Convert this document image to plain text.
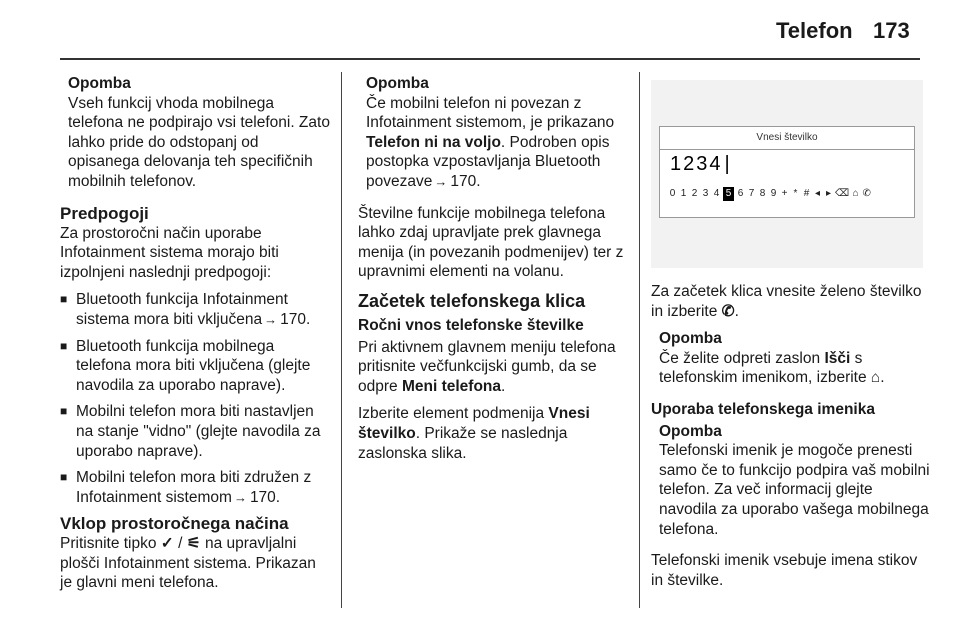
Telefon 173

Opomba

Vseh funkcij vhoda mobilnega telefona ne podpirajo vsi telefoni. Zato lahko pride do odstopanj od opisanega delovanja teh specifičnih mobilnih telefonov.

Predpogoji

Za prostoročni način uporabe Infotainment sistema morajo biti izpolnjeni naslednji predpogoji:

■ Bluetooth funkcija Infotainment sistema mora biti vključena → 170.
■ Bluetooth funkcija mobilnega telefona mora biti vključena (glejte navodila za uporabo naprave).
■ Mobilni telefon mora biti nastavljen na stanje "vidno" (glejte navodila za uporabo naprave).
■ Mobilni telefon mora biti združen z Infotainment sistemom → 170.
Vklop prostoročnega načina

Pritisnite tipko ✓ / ⚟ na upravljalni plošči Infotainment sistema. Prikazan je glavni meni telefona.

Opomba

Če mobilni telefon ni povezan z Infotainment sistemom, je prikazano Telefon ni na voljo. Podroben opis postopka vzpostavljanja Bluetooth povezave → 170.

Številne funkcije mobilnega telefona lahko zdaj upravljate prek glavnega menija (in povezanih podmenijev) ter z upravnimi elementi na volanu.

Začetek telefonskega klica
Ročni vnos telefonske številke

Pri aktivnem glavnem meniju telefona pritisnite večfunkcijski gumb, da se odpre Meni telefona.

Izberite element podmenija Vnesi številko. Prikaže se naslednja zaslonska slika.

Vnesi številko
1234 |
0 1 2 3 4 5 6 7 8 9 + * # ◂ ▸ ⌫ ⌂ ✆

Za začetek klica vnesite želeno številko in izberite ✆.

Opomba

Če želite odpreti zaslon Išči s telefonskim imenikom, izberite ⌂.

Uporaba telefonskega imenika

Opomba

Telefonski imenik je mogoče prenesti samo če to funkcijo podpira vaš mobilni telefon. Za več informacij glejte navodila za uporabo vašega mobilnega telefona.

Telefonski imenik vsebuje imena stikov in številke.
